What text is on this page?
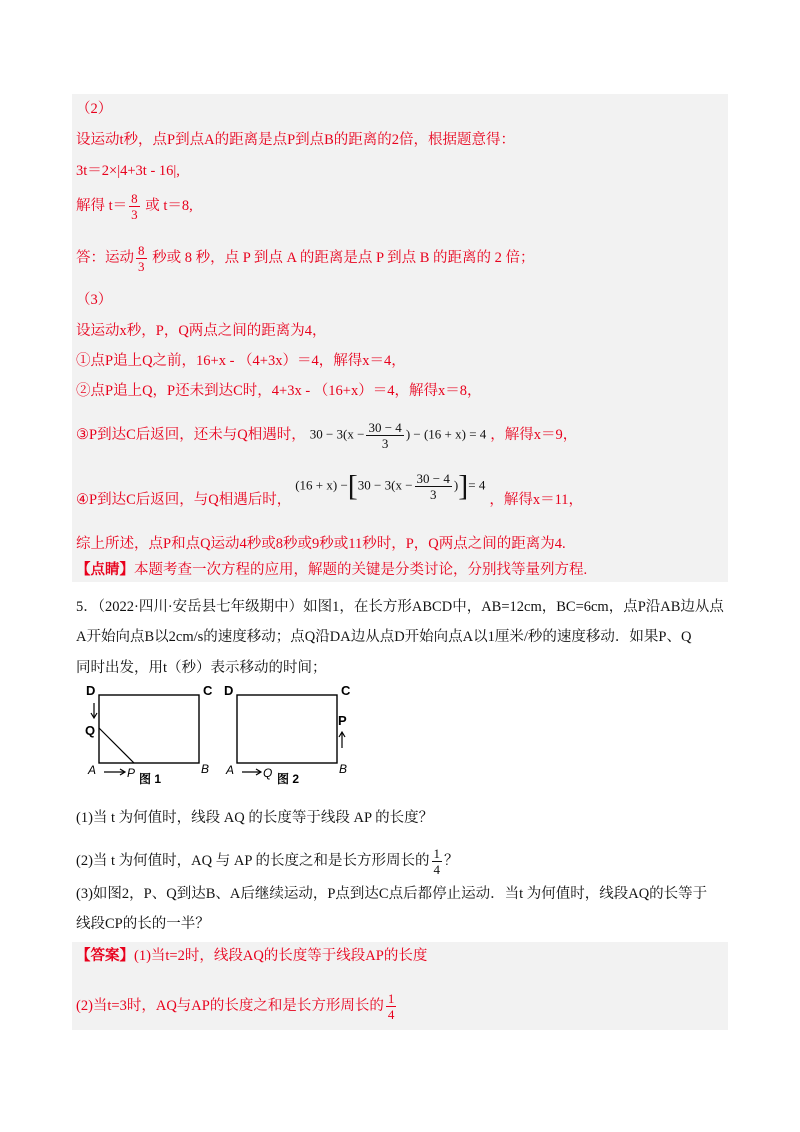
（2）
设运动t秒，点P到点A的距离是点P到点B的距离的2倍，根据题意得：
3t＝2×|4+3t - 16|,
解得 $t= \frac{8}{3}$ 或 t＝8,
答：运动 $\frac{8}{3}$ 秒或 8 秒，点 P 到点 A 的距离是点 P 到点 B 的距离的 2 倍；
（3）
设运动x秒，P，Q两点之间的距离为4，
①点P追上Q之前，16+x - （4+3x）＝4，解得x＝4，
②点P追上Q，P还未到达C时，4+3x - （16+x）＝4，解得x＝8，
③P到达C后返回，还未与Q相遇时， $30 - 3(x - \frac{30 - 4}{3}$ ) − (16 + x) = 4 ，解得x＝9，
④P到达C后返回，与Q相遇后时，$(16 + x) -[30 - 3(x - \frac{30 - 4}{3}$ )]= 4，解得x＝11，
综上所述，点P和点Q运动4秒或8秒或9秒或11秒时，P，Q两点之间的距离为4.
【点睛】本题考查一次方程的应用，解题的关键是分类讨论，分别找等量列方程.
5．（2022·四川·安岳县七年级期中）如图1，在长方形ABCD中，AB=12cm，BC=6cm，点P沿AB边从点
A开始向点B以2cm/s的速度移动；点Q沿DA边从点D开始向点A以1厘米/秒的速度移动．如果P、Q
同时出发，用t（秒）表示移动的时间；
D	C
Q
A	P	B
图 1
D	C
P
A Q	B
图 2
(1)当 t 为何值时，线段 AQ 的长度等于线段 AP 的长度？
(2)当 t 为何值时，AQ 与 AP 的长度之和是长方形周长的 $\frac{1}{4}$ ？
(3)如图2，P、Q到达B、A后继续运动，P点到达C点后都停止运动．当t 为何值时，线段AQ的长等于
线段CP的长的一半？
【答案】(1)当t=2时，线段AQ的长度等于线段AP的长度
(2)当t=3时，AQ与AP的长度之和是长方形周长的 $\frac{1}{4}$
